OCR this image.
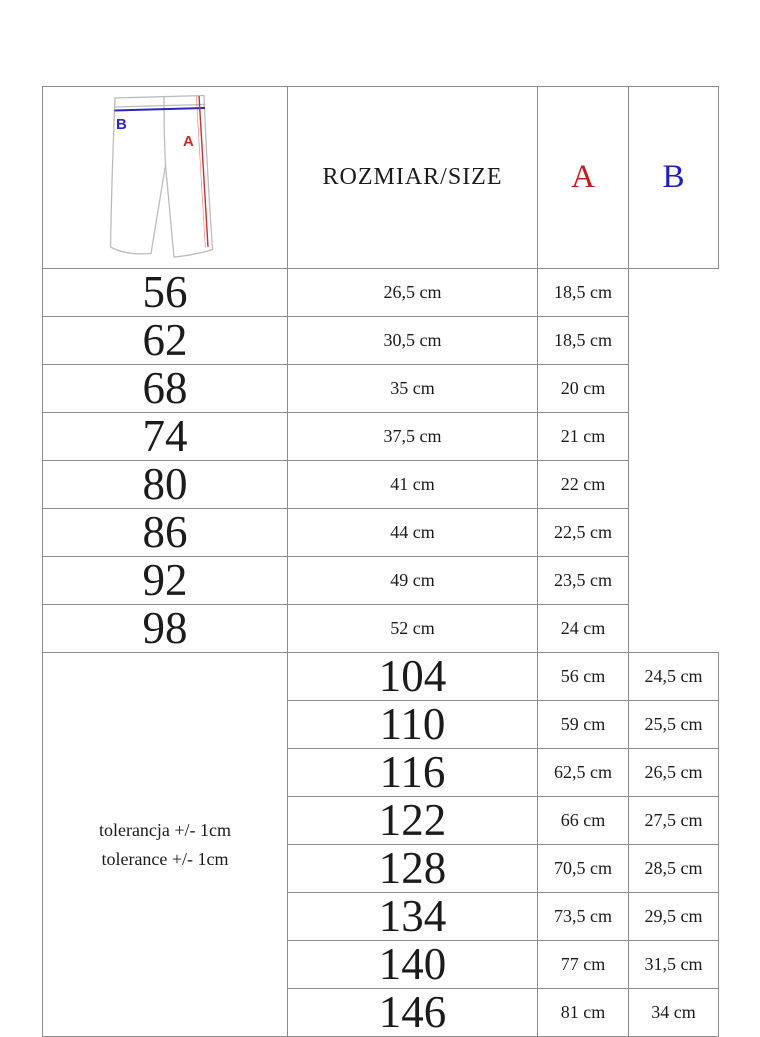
B
A	ROZMIAR/SIZE	A	B
56	26,5 cm	18,5 cm	
62	30,5 cm	18,5 cm	
68	35 cm	20 cm	
74	37,5 cm	21 cm	
80	41 cm	22 cm	
86	44 cm	22,5 cm	
92	49 cm	23,5 cm	
98	52 cm	24 cm	

tolerancja +/- 1cm
tolerance +/- 1cm	104	56 cm	24,5 cm
	110	59 cm	25,5 cm
	116	62,5 cm	26,5 cm
	122	66 cm	27,5 cm
	128	70,5 cm	28,5 cm
	134	73,5 cm	29,5 cm
	140	77 cm	31,5 cm
	146	81 cm	34 cm
